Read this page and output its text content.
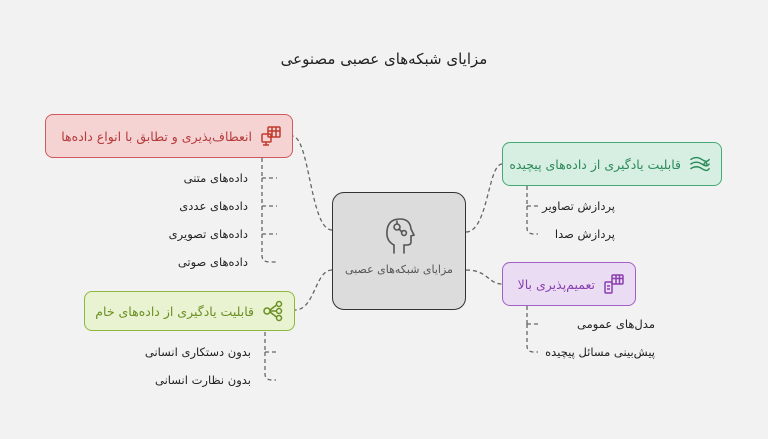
مزایای شبکه‌های عصبی مصنوعی
مزایای شبکه‌های عصبی
انعطاف‌پذیری و تطابق با انواع داده‌ها
داده‌های متنی
داده‌های عددی
داده‌های تصویری
داده‌های صوتی
قابلیت یادگیری از داده‌های خام
بدون دستکاری انسانی
بدون نظارت انسانی
قابلیت یادگیری از داده‌های پیچیده
پردازش تصاویر
پردازش صدا
تعمیم‌پذیری بالا
مدل‌های عمومی
پیش‌بینی مسائل پیچیده
